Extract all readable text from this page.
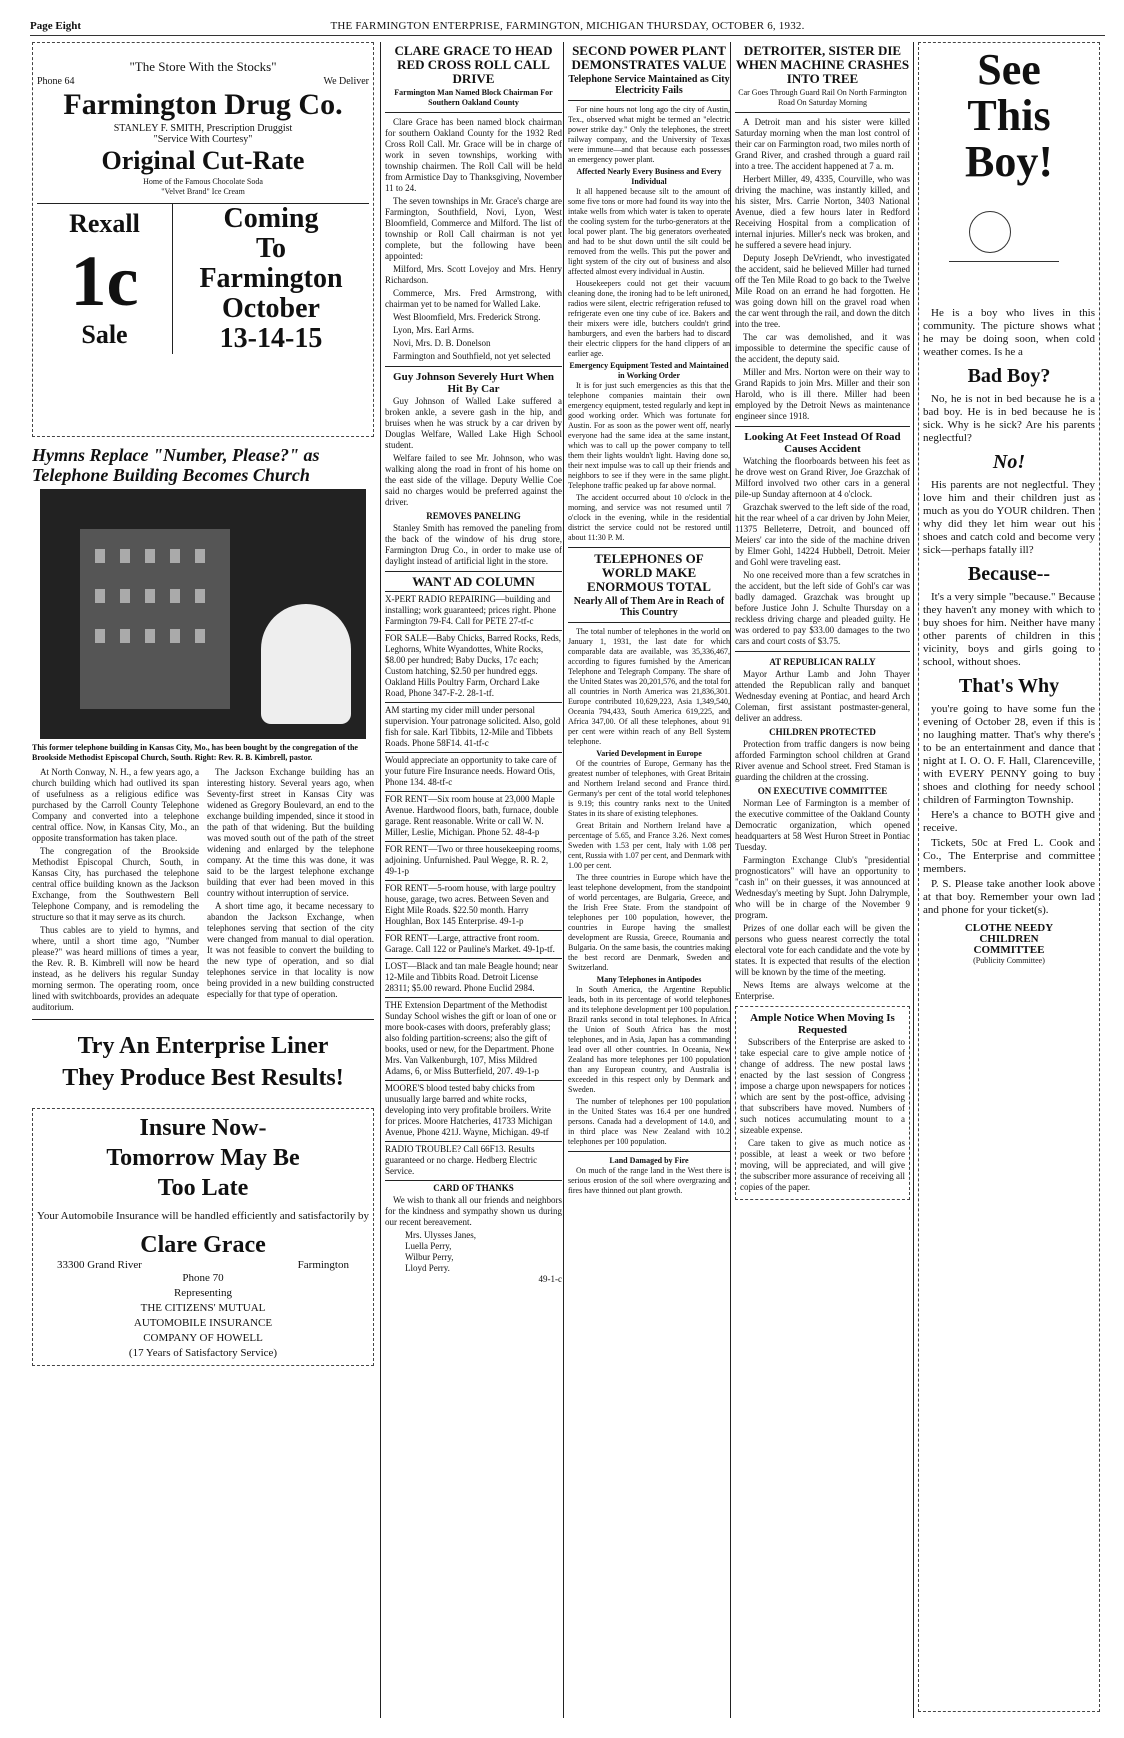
Page Eight	THE FARMINGTON ENTERPRISE, FARMINGTON, MICHIGAN THURSDAY, OCTOBER 6, 1932.
"The Store With the Stocks"
Phone 64	We Deliver
Farmington Drug Co.
STANLEY F. SMITH, Prescription Druggist
"Service With Courtesy"
Original Cut-Rate
Home of the Famous Chocolate Soda
"Velvet Brand" Ice Cream
Rexall
1c
Sale
Coming
To
Farmington
October
13-14-15
Hymns Replace "Number, Please?" as Telephone Building Becomes Church
This former telephone building in Kansas City, Mo., has been bought by the congregation of the Brookside Methodist Episcopal Church, South. Right: Rev. R. B. Kimbrell, pastor.

At North Conway, N. H., a few years ago, a church building which had outlived its span of usefulness as a religious edifice was purchased by the Carroll County Telephone Company and converted into a telephone central office. Now, in Kansas City, Mo., an opposite transformation has taken place.

The congregation of the Brookside Methodist Episcopal Church, South, in Kansas City, has purchased the telephone central office building known as the Jackson Exchange, from the Southwestern Bell Telephone Company, and is remodeling the structure so that it may serve as its church.

Thus cables are to yield to hymns, and where, until a short time ago, "Number please?" was heard millions of times a year, the Rev. R. B. Kimbrell will now be heard instead, as he delivers his regular Sunday morning sermon. The operating room, once lined with switchboards, provides an adequate auditorium.

The Jackson Exchange building has an interesting history. Several years ago, when Seventy-first street in Kansas City was widened as Gregory Boulevard, an end to the exchange building impended, since it stood in the path of that widening. But the building was moved south out of the path of the street widening and enlarged by the telephone company. At the time this was done, it was said to be the largest telephone exchange building that ever had been moved in this country without interruption of service.

A short time ago, it became necessary to abandon the Jackson Exchange, when telephones serving that section of the city were changed from manual to dial operation. It was not feasible to convert the building to the new type of operation, and so dial telephones service in that locality is now being provided in a new building constructed especially for that type of operation.

Try An Enterprise Liner
They Produce Best Results!
Insure Now-
Tomorrow May Be
Too Late
Your Automobile Insurance will be handled efficiently and satisfactorily by
Clare Grace
33300 Grand River	Farmington
Phone 70
Representing
THE CITIZENS' MUTUAL
AUTOMOBILE INSURANCE
COMPANY OF HOWELL
(17 Years of Satisfactory Service)
CLARE GRACE TO HEAD RED CROSS ROLL CALL DRIVE
Farmington Man Named Block Chairman For Southern Oakland County

Clare Grace has been named block chairman for southern Oakland County for the 1932 Red Cross Roll Call. Mr. Grace will be in charge of work in seven townships, working with township chairmen. The Roll Call will be held from Armistice Day to Thanksgiving, November 11 to 24.

The seven townships in Mr. Grace's charge are Farmington, Southfield, Novi, Lyon, West Bloomfield, Commerce and Milford. The list of township or Roll Call chairman is not yet complete, but the following have been appointed:

Milford, Mrs. Scott Lovejoy and Mrs. Henry Richardson.

Commerce, Mrs. Fred Armstrong, with chairman yet to be named for Walled Lake.

West Bloomfield, Mrs. Frederick Strong.

Lyon, Mrs. Earl Arms.

Novi, Mrs. D. B. Donelson

Farmington and Southfield, not yet selected

Guy Johnson Severely Hurt When Hit By Car

Guy Johnson of Walled Lake suffered a broken ankle, a severe gash in the hip, and bruises when he was struck by a car driven by Douglas Welfare, Walled Lake High School student.

Welfare failed to see Mr. Johnson, who was walking along the road in front of his home on the east side of the village. Deputy Wellie Coe said no charges would be preferred against the driver.

REMOVES PANELING

Stanley Smith has removed the paneling from the back of the window of his drug store, Farmington Drug Co., in order to make use of daylight instead of artificial light in the store.

WANT AD COLUMN
X-PERT RADIO REPAIRING—building and installing; work guaranteed; prices right. Phone Farmington 79-F4. Call for PETE 27-tf-c
FOR SALE—Baby Chicks, Barred Rocks, Reds, Leghorns, White Wyandottes, White Rocks, $8.00 per hundred; Baby Ducks, 17c each; Custom hatching, $2.50 per hundred eggs. Oakland Hills Poultry Farm, Orchard Lake Road, Phone 347-F-2. 28-1-tf.
AM starting my cider mill under personal supervision. Your patronage solicited. Also, gold fish for sale. Karl Tibbits, 12-Mile and Tibbets Roads. Phone 58F14. 41-tf-c
Would appreciate an opportunity to take care of your future Fire Insurance needs. Howard Otis, Phone 134. 48-tf-c
FOR RENT—Six room house at 23,000 Maple Avenue. Hardwood floors, bath, furnace, double garage. Rent reasonable. Write or call W. N. Miller, Leslie, Michigan. Phone 52. 48-4-p
FOR RENT—Two or three housekeeping rooms, adjoining. Unfurnished. Paul Wegge, R. R. 2, 49-1-p
FOR RENT—5-room house, with large poultry house, garage, two acres. Between Seven and Eight Mile Roads. $22.50 month. Harry Houghlan, Box 145 Enterprise. 49-1-p
FOR RENT—Large, attractive front room. Garage. Call 122 or Pauline's Market. 49-1p-tf.
LOST—Black and tan male Beagle hound; near 12-Mile and Tibbits Road. Detroit License 28311; $5.00 reward. Phone Euclid 2984.
THE Extension Department of the Methodist Sunday School wishes the gift or loan of one or more book-cases with doors, preferably glass; also folding partition-screens; also the gift of books, used or new, for the Department. Phone Mrs. Van Valkenburgh, 107, Miss Mildred Adams, 6, or Miss Butterfield, 207. 49-1-p
MOORE'S blood tested baby chicks from unusually large barred and white rocks, developing into very profitable broilers. Write for prices. Moore Hatcheries, 41733 Michigan Avenue, Phone 421J. Wayne, Michigan. 49-tf
RADIO TROUBLE? Call 66F13. Results guaranteed or no charge. Hedberg Electric Service.
CARD OF THANKS

We wish to thank all our friends and neighbors for the kindness and sympathy shown us during our recent bereavement.

Mrs. Ulysses Janes,
Luella Perry,
Wilbur Perry,
Lloyd Perry.
49-1-c
SECOND POWER PLANT DEMONSTRATES VALUE
Telephone Service Maintained as City Electricity Fails

For nine hours not long ago the city of Austin, Tex., observed what might be termed an "electric power strike day." Only the telephones, the street railway company, and the University of Texas were immune—and that because each possesses an emergency power plant.

Affected Nearly Every Business and Every Individual

It all happened because silt to the amount of some five tons or more had found its way into the intake wells from which water is taken to operate the cooling system for the turbo-generators at the local power plant. The big generators overheated and had to be shut down until the silt could be removed from the wells. This put the power and light system of the city out of business and also affected almost every individual in Austin.

Housekeepers could not get their vacuum cleaning done, the ironing had to be left unironed, radios were silent, electric refrigeration refused to refrigerate even one tiny cube of ice. Bakers and their mixers were idle, butchers couldn't grind hamburgers, and even the barbers had to discard their electric clippers for the hand clippers of an earlier age.

Emergency Equipment Tested and Maintained in Working Order

It is for just such emergencies as this that the telephone companies maintain their own emergency equipment, tested regularly and kept in good working order. Which was fortunate for Austin. For as soon as the power went off, nearly everyone had the same idea at the same instant, which was to call up the power company to tell them their lights wouldn't light. Having done so, their next impulse was to call up their friends and neighbors to see if they were in the same plight. Telephone traffic peaked up far above normal.

The accident occurred about 10 o'clock in the morning, and service was not resumed until 7 o'clock in the evening, while in the residential district the service could not be restored until about 11:30 P. M.

TELEPHONES OF WORLD MAKE ENORMOUS TOTAL
Nearly All of Them Are in Reach of This Country

The total number of telephones in the world on January 1, 1931, the last date for which comparable data are available, was 35,336,467, according to figures furnished by the American Telephone and Telegraph Company. The share of the United States was 20,201,576, and the total for all countries in North America was 21,836,301. Europe contributed 10,629,223, Asia 1,349,540, Oceania 794,433, South America 619,225, and Africa 347,00. Of all these telephones, about 91 per cent were within reach of any Bell System telephone.

Varied Development in Europe

Of the countries of Europe, Germany has the greatest number of telephones, with Great Britain and Northern Ireland second and France third. Germany's per cent of the total world telephones is 9.19; this country ranks next to the United States in its share of existing telephones.

Great Britain and Northern Ireland have a percentage of 5.65, and France 3.26. Next comes Sweden with 1.53 per cent, Italy with 1.08 per cent, Russia with 1.07 per cent, and Denmark with 1.00 per cent.

The three countries in Europe which have the least telephone development, from the standpoint of world percentages, are Bulgaria, Greece, and the Irish Free State. From the standpoint of telephones per 100 population, however, the countries in Europe having the smallest development are Russia, Greece, Roumania and Bulgaria. On the same basis, the countries making the best record are Denmark, Sweden and Switzerland.

Many Telephones in Antipodes

In South America, the Argentine Republic leads, both in its percentage of world telephones and its telephone development per 100 population. Brazil ranks second in total telephones. In Africa the Union of South Africa has the most telephones, and in Asia, Japan has a commanding lead over all other countries. In Oceania, New Zealand has more telephones per 100 population than any European country, and Australia is exceeded in this respect only by Denmark and Sweden.

The number of telephones per 100 population in the United States was 16.4 per one hundred persons. Canada had a development of 14.0, and in third place was New Zealand with 10.2 telephones per 100 population.

Land Damaged by Fire

On much of the range land in the West there is serious erosion of the soil where overgrazing and fires have thinned out plant growth.

DETROITER, SISTER DIE WHEN MACHINE CRASHES INTO TREE
Car Goes Through Guard Rail On North Farmington Road On Saturday Morning

A Detroit man and his sister were killed Saturday morning when the man lost control of their car on Farmington road, two miles north of Grand River, and crashed through a guard rail into a tree. The accident happened at 7 a. m.

Herbert Miller, 49, 4335, Courville, who was driving the machine, was instantly killed, and his sister, Mrs. Carrie Norton, 3403 National Avenue, died a few hours later in Redford Receiving Hospital from a complication of internal injuries. Miller's neck was broken, and he suffered a severe head injury.

Deputy Joseph DeVriendt, who investigated the accident, said he believed Miller had turned off the Ten Mile Road to go back to the Twelve Mile Road on an errand he had forgotten. He was going down hill on the gravel road when the car went through the rail, and down the ditch into the tree.

The car was demolished, and it was impossible to determine the specific cause of the accident, the deputy said.

Miller and Mrs. Norton were on their way to Grand Rapids to join Mrs. Miller and their son Harold, who is ill there. Miller had been employed by the Detroit News as maintenance engineer since 1918.

Looking At Feet Instead Of Road Causes Accident

Watching the floorboards between his feet as he drove west on Grand River, Joe Grazchak of Milford involved two other cars in a general pile-up Sunday afternoon at 4 o'clock.

Grazchak swerved to the left side of the road, hit the rear wheel of a car driven by John Meier, 11375 Belleterre, Detroit, and bounced off Meiers' car into the side of the machine driven by Elmer Gohl, 14224 Hubbell, Detroit. Meier and Gohl were traveling east.

No one received more than a few scratches in the accident, but the left side of Gohl's car was badly damaged. Grazchak was brought up before Justice John J. Schulte Thursday on a reckless driving charge and pleaded guilty. He was ordered to pay $33.00 damages to the two cars and court costs of $3.75.

AT REPUBLICAN RALLY

Mayor Arthur Lamb and John Thayer attended the Republican rally and banquet Wednesday evening at Pontiac, and heard Arch Coleman, first assistant postmaster-general, deliver an address.

CHILDREN PROTECTED

Protection from traffic dangers is now being afforded Farmington school children at Grand River avenue and School street. Fred Staman is guarding the children at the crossing.

ON EXECUTIVE COMMITTEE

Norman Lee of Farmington is a member of the executive committee of the Oakland County Democratic organization, which opened headquarters at 58 West Huron Street in Pontiac Tuesday.

Farmington Exchange Club's "presidential prognosticators" will have an opportunity to "cash in" on their guesses, it was announced at Wednesday's meeting by Supt. John Dalrymple, who will be in charge of the November 9 program.

Prizes of one dollar each will be given the persons who guess nearest correctly the total electoral vote for each candidate and the vote by states. It is expected that results of the election will be known by the time of the meeting.

News Items are always welcome at the Enterprise.

Ample Notice When Moving Is Requested

Subscribers of the Enterprise are asked to take especial care to give ample notice of change of address. The new postal laws enacted by the last session of Congress impose a charge upon newspapers for notices which are sent by the post-office, advising that subscribers have moved. Numbers of such notices accumulating mount to a sizeable expense.

Care taken to give as much notice as possible, at least a week or two before moving, will be appreciated, and will give the subscriber more assurance of receiving all copies of the paper.

See
This
Boy!

He is a boy who lives in this community. The picture shows what he may be doing soon, when cold weather comes. Is he a

Bad Boy?

No, he is not in bed because he is a bad boy. He is in bed because he is sick. Why is he sick? Are his parents neglectful?

No!

His parents are not neglectful. They love him and their children just as much as you do YOUR children. Then why did they let him wear out his shoes and catch cold and become very sick—perhaps fatally ill?

Because--

It's a very simple "because." Because they haven't any money with which to buy shoes for him. Neither have many other parents of children in this vicinity, boys and girls going to school, without shoes.

That's Why

you're going to have some fun the evening of October 28, even if this is no laughing matter. That's why there's to be an entertainment and dance that night at I. O. O. F. Hall, Clarenceville, with EVERY PENNY going to buy shoes and clothing for needy school children of Farmington Township.

Here's a chance to BOTH give and receive.

Tickets, 50c at Fred L. Cook and Co., The Enterprise and committee members.

P. S. Please take another look above at that boy. Remember your own lad and phone for your ticket(s).

CLOTHE NEEDY
CHILDREN
COMMITTEE
(Publicity Committee)
